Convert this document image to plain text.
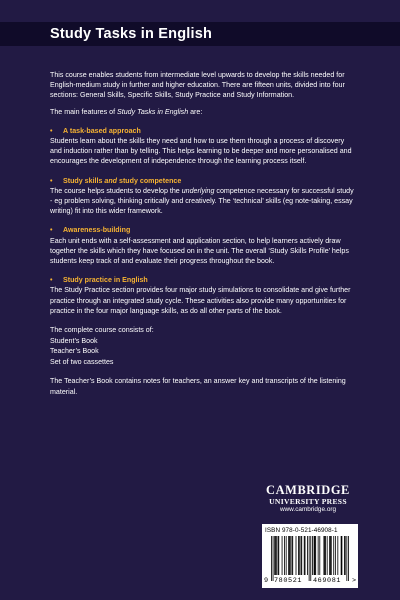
Study Tasks in English

This course enables students from intermediate level upwards to develop the skills needed for English-medium study in further and higher education. There are fifteen units, divided into four sections: General Skills, Specific Skills, Study Practice and Study Information.

The main features of Study Tasks in English are:

•	A task-based approach

Students learn about the skills they need and how to use them through a process of discovery and induction rather than by telling. This helps learning to be deeper and more personalised and encourages the development of independence through the learning process itself.

•	Study skills and study competence

The course helps students to develop the underlying competence necessary for successful study - eg problem solving, thinking critically and creatively. The ‘technical’ skills (eg note-taking, essay writing) fit into this wider framework.

•	Awareness-building

Each unit ends with a self-assessment and application section, to help learners actively draw together the skills which they have focused on in the unit. The overall ‘Study Skills Profile’ helps students keep track of and evaluate their progress throughout the book.

•	Study practice in English

The Study Practice section provides four major study simulations to consolidate and give further practice through an integrated study cycle. These activities also provide many opportunities for practice in the four major language skills, as do all other parts of the book.

The complete course consists of:
Student’s Book
Teacher’s Book
Set of two cassettes

The Teacher’s Book contains notes for teachers, an answer key and transcripts of the listening material.

CAMBRIDGE
UNIVERSITY PRESS
www.cambridge.org
ISBN 978-0-521-46908-1
9 780521 469081 >
